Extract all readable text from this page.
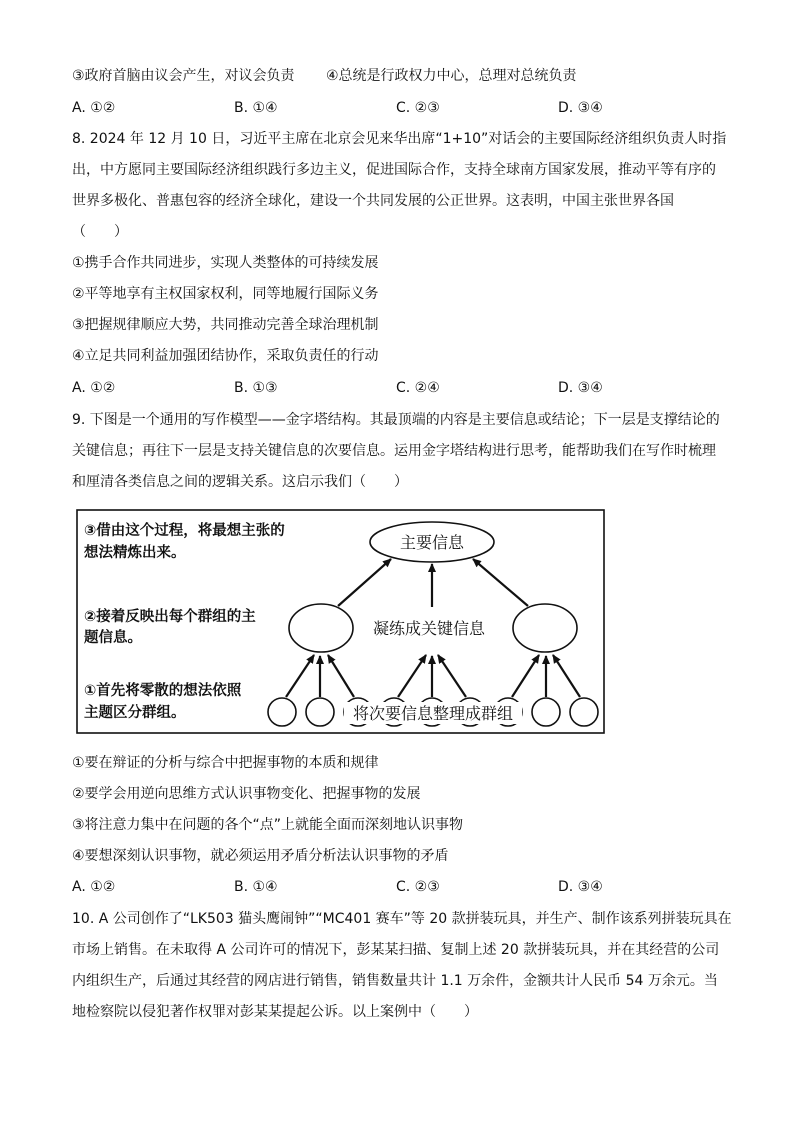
③政府首脑由议会产生，对议会负责 ④总统是行政权力中心，总理对总统负责
A. ①②	B. ①④	C. ②③	D. ③④
8. 2024 年 12 月 10 日，习近平主席在北京会见来华出席“1+10”对话会的主要国际经济组织负责人时指
出，中方愿同主要国际经济组织践行多边主义，促进国际合作，支持全球南方国家发展，推动平等有序的
世界多极化、普惠包容的经济全球化，建设一个共同发展的公正世界。这表明，中国主张世界各国
（　　）
①携手合作共同进步，实现人类整体的可持续发展
②平等地享有主权国家权利，同等地履行国际义务
③把握规律顺应大势，共同推动完善全球治理机制
④立足共同利益加强团结协作，采取负责任的行动
A. ①②	B. ①③	C. ②④	D. ③④
9. 下图是一个通用的写作模型——金字塔结构。其最顶端的内容是主要信息或结论；下一层是支撑结论的
关键信息；再往下一层是支持关键信息的次要信息。运用金字塔结构进行思考，能帮助我们在写作时梳理
和厘清各类信息之间的逻辑关系。这启示我们（　　）
③借由这个过程，将最想主张的
想法精炼出来。
②接着反映出每个群组的主
题信息。
①首先将零散的想法依照
主题区分群组。
主要信息
凝练成关键信息
将次要信息整理成群组
①要在辩证的分析与综合中把握事物的本质和规律
②要学会用逆向思维方式认识事物变化、把握事物的发展
③将注意力集中在问题的各个“点”上就能全面而深刻地认识事物
④要想深刻认识事物，就必须运用矛盾分析法认识事物的矛盾
A. ①②	B. ①④	C. ②③	D. ③④
10. A 公司创作了“LK503 猫头鹰闹钟”“MC401 赛车”等 20 款拼装玩具，并生产、制作该系列拼装玩具在
市场上销售。在未取得 A 公司许可的情况下，彭某某扫描、复制上述 20 款拼装玩具，并在其经营的公司
内组织生产，后通过其经营的网店进行销售，销售数量共计 1.1 万余件，金额共计人民币 54 万余元。当
地检察院以侵犯著作权罪对彭某某提起公诉。以上案例中（　　）
